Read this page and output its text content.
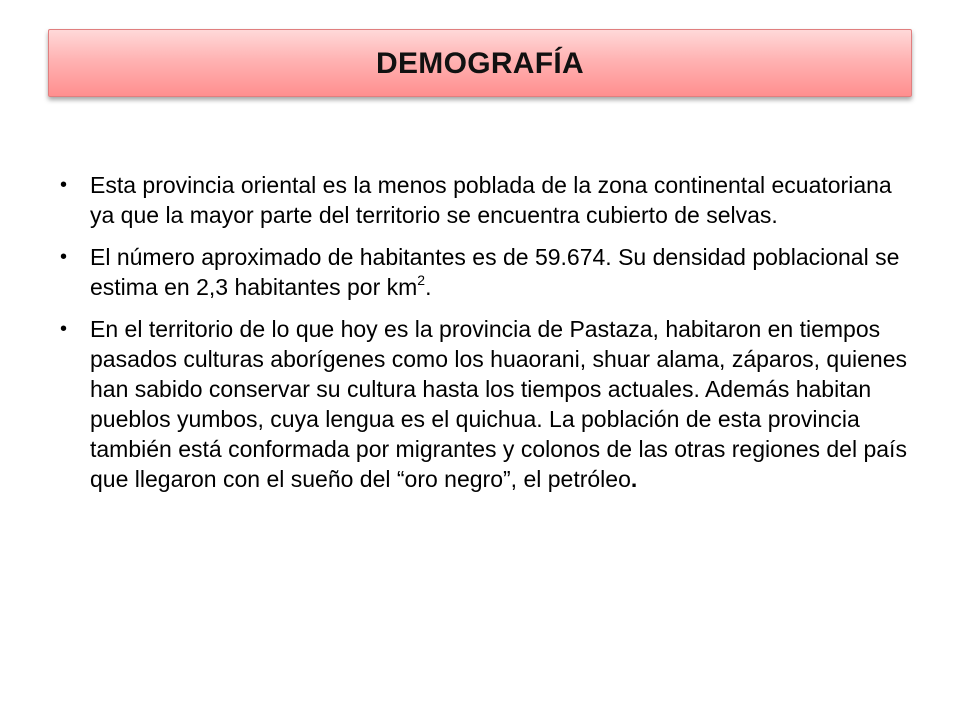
DEMOGRAFÍA
• Esta provincia oriental es la menos poblada de la zona continental ecuatoriana ya que la mayor parte del territorio se encuentra cubierto de selvas.
• El número aproximado de habitantes es de 59.674. Su densidad poblacional se estima en 2,3 habitantes por $km^2$.
• En el territorio de lo que hoy es la provincia de Pastaza, habitaron en tiempos pasados culturas aborígenes como los huaorani, shuar alama, záparos, quienes han sabido conservar su cultura hasta los tiempos actuales. Además habitan pueblos yumbos, cuya lengua es el quichua. La población de esta provincia también está conformada por migrantes y colonos de las otras regiones del país que llegaron con el sueño del “oro negro”, el petróleo.
